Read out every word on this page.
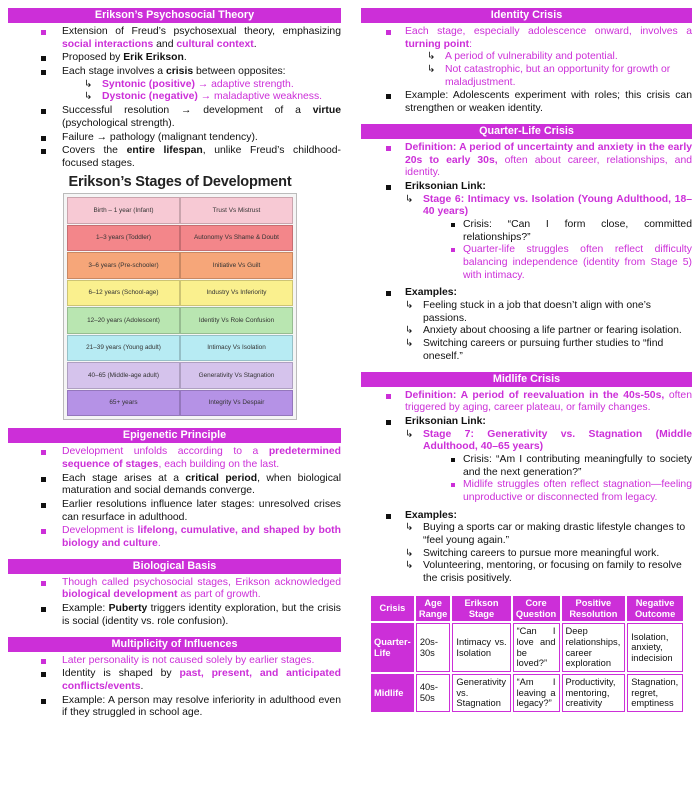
Erikson’s Psychosocial Theory
Extension of Freud’s psychosexual theory, emphasizing social interactions and cultural context.
Proposed by Erik Erikson.
Each stage involves a crisis between opposites:
↳ Syntonic (positive) → adaptive strength.
↳ Dystonic (negative) → maladaptive weakness.
Successful resolution → development of a virtue (psychological strength).
Failure → pathology (malignant tendency).
Covers the entire lifespan, unlike Freud’s childhood-focused stages.
Erikson’s Stages of Development
Birth – 1 year (Infant)	Trust Vs Mistrust
1–3 years (Toddler)	Autonomy Vs Shame & Doubt
3–6 years (Pre-schooler)	Initiative Vs Guilt
6–12 years (School-age)	Industry Vs Inferiority
12–20 years (Adolescent)	Identity Vs Role Confusion
21–39 years (Young adult)	Intimacy Vs Isolation
40–65 (Middle-age adult)	Generativity Vs Stagnation
65+ years	Integrity Vs Despair
Epigenetic Principle
Development unfolds according to a predetermined sequence of stages, each building on the last.
Each stage arises at a critical period, when biological maturation and social demands converge.
Earlier resolutions influence later stages: unresolved crises can resurface in adulthood.
Development is lifelong, cumulative, and shaped by both biology and culture.
Biological Basis
Though called psychosocial stages, Erikson acknowledged biological development as part of growth.
Example: Puberty triggers identity exploration, but the crisis is social (identity vs. role confusion).
Multiplicity of Influences
Later personality is not caused solely by earlier stages.
Identity is shaped by past, present, and anticipated conflicts/events.
Example: A person may resolve inferiority in adulthood even if they struggled in school age.
Identity Crisis
Each stage, especially adolescence onward, involves a turning point:
↳ A period of vulnerability and potential.
↳ Not catastrophic, but an opportunity for growth or maladjustment.
Example: Adolescents experiment with roles; this crisis can strengthen or weaken identity.
Quarter-Life Crisis
Definition: A period of uncertainty and anxiety in the early 20s to early 30s, often about career, relationships, and identity.
Eriksonian Link:
↳ Stage 6: Intimacy vs. Isolation (Young Adulthood, 18–40 years)
Crisis: “Can I form close, committed relationships?”
Quarter-life struggles often reflect difficulty balancing independence (identity from Stage 5) with intimacy.
Examples:
↳ Feeling stuck in a job that doesn’t align with one’s passions.
↳ Anxiety about choosing a life partner or fearing isolation.
↳ Switching careers or pursuing further studies to “find oneself.”
Midlife Crisis
Definition: A period of reevaluation in the 40s-50s, often triggered by aging, career plateau, or family changes.
Eriksonian Link:
↳ Stage 7: Generativity vs. Stagnation (Middle Adulthood, 40–65 years)
Crisis: “Am I contributing meaningfully to society and the next generation?”
Midlife struggles often reflect stagnation—feeling unproductive or disconnected from legacy.
Examples:
↳ Buying a sports car or making drastic lifestyle changes to “feel young again.”
↳ Switching careers to pursue more meaningful work.
↳ Volunteering, mentoring, or focusing on family to resolve the crisis positively.
Crisis	Age Range	Erikson Stage	Core Question	Positive Resolution	Negative Outcome
Quarter-Life	20s-30s	Intimacy vs. Isolation	“Can I love and be loved?”	Deep relationships, career exploration	Isolation, anxiety, indecision
Midlife	40s-50s	Generativity vs. Stagnation	“Am I leaving a legacy?”	Productivity, mentoring, creativity	Stagnation, regret, emptiness
